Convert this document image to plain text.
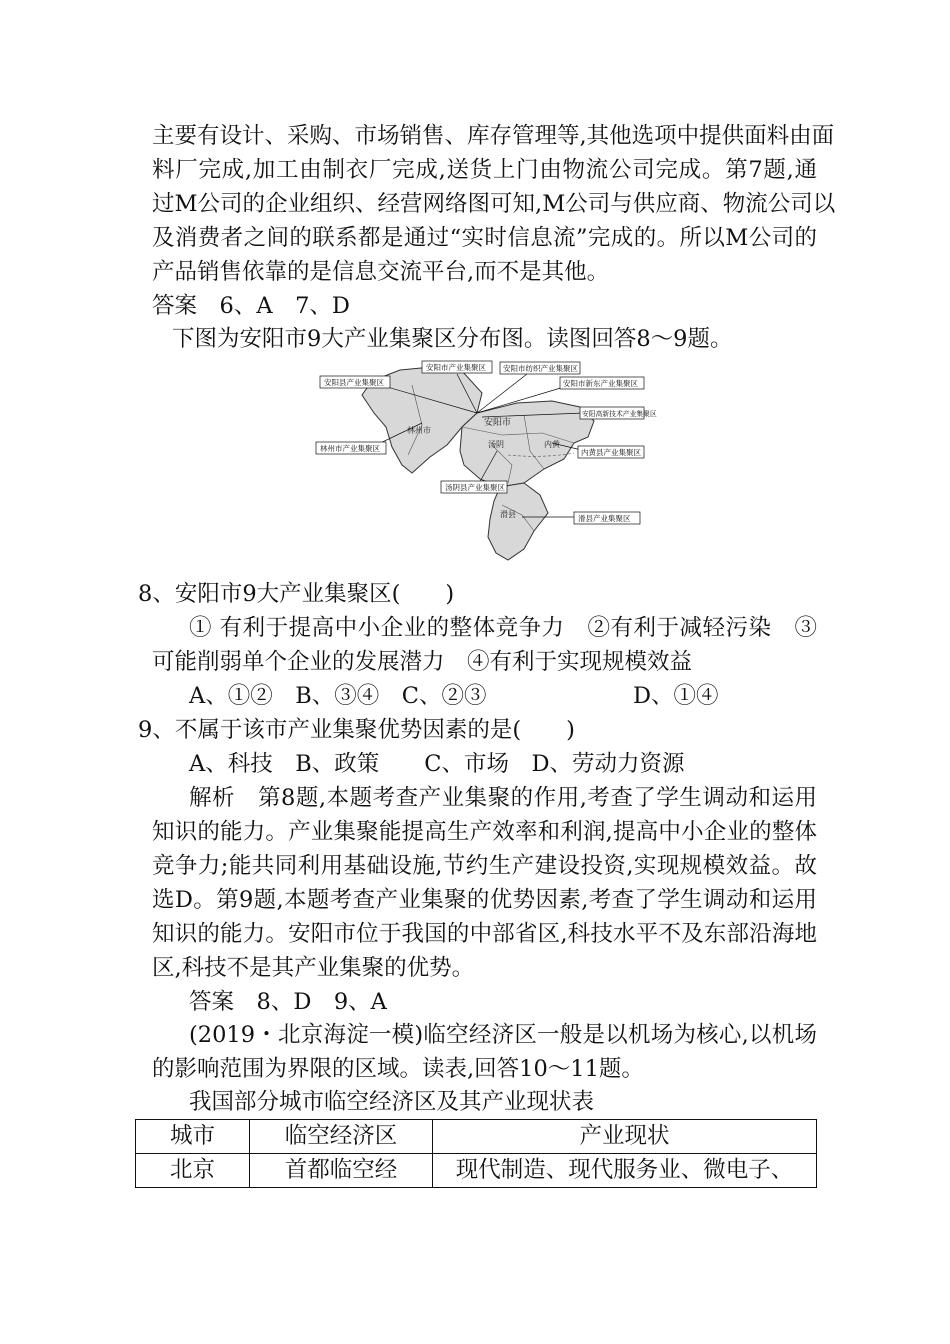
主要有设计、采购、市场销售、库存管理等,其他选项中提供面料由面
料厂完成,加工由制衣厂完成,送货上门由物流公司完成。第7题,通
过M公司的企业组织、经营网络图可知,M公司与供应商、物流公司以
及消费者之间的联系都是通过“实时信息流”完成的。所以M公司的
产品销售依靠的是信息交流平台,而不是其他。
答案　6、A　7、D
下图为安阳市9大产业集聚区分布图。读图回答8～9题。
安阳县产业集聚区
安阳市产业集聚区 安阳市纺织产业集聚区
安阳市新东产业集聚区
安阳高新技术产业集聚区
林州市产业集聚区	内黄县产业集聚区
汤阴县产业集聚区
滑县产业集聚区
林州市
安阳市
汤阴	内黄
滑县
8、安阳市9大产业集聚区(　　)
① 有利于提高中小企业的整体竞争力　②有利于减轻污染　③
可能削弱单个企业的发展潜力　④有利于实现规模效益
A、①②　B、③④　C、②③	D、①④
9、不属于该市产业集聚优势因素的是(　　)
A、科技　B、政策　　C、市场　D、劳动力资源
解析　第8题,本题考查产业集聚的作用,考查了学生调动和运用
知识的能力。产业集聚能提高生产效率和利润,提高中小企业的整体
竞争力;能共同利用基础设施,节约生产建设投资,实现规模效益。故
选D。第9题,本题考查产业集聚的优势因素,考查了学生调动和运用
知识的能力。安阳市位于我国的中部省区,科技水平不及东部沿海地
区,科技不是其产业集聚的优势。
答案　8、D　9、A
(2019・北京海淀一模)临空经济区一般是以机场为核心,以机场
的影响范围为界限的区域。读表,回答10～11题。
我国部分城市临空经济区及其产业现状表
城市	临空经济区	产业现状
北京	首都临空经	现代制造、现代服务业、微电子、
